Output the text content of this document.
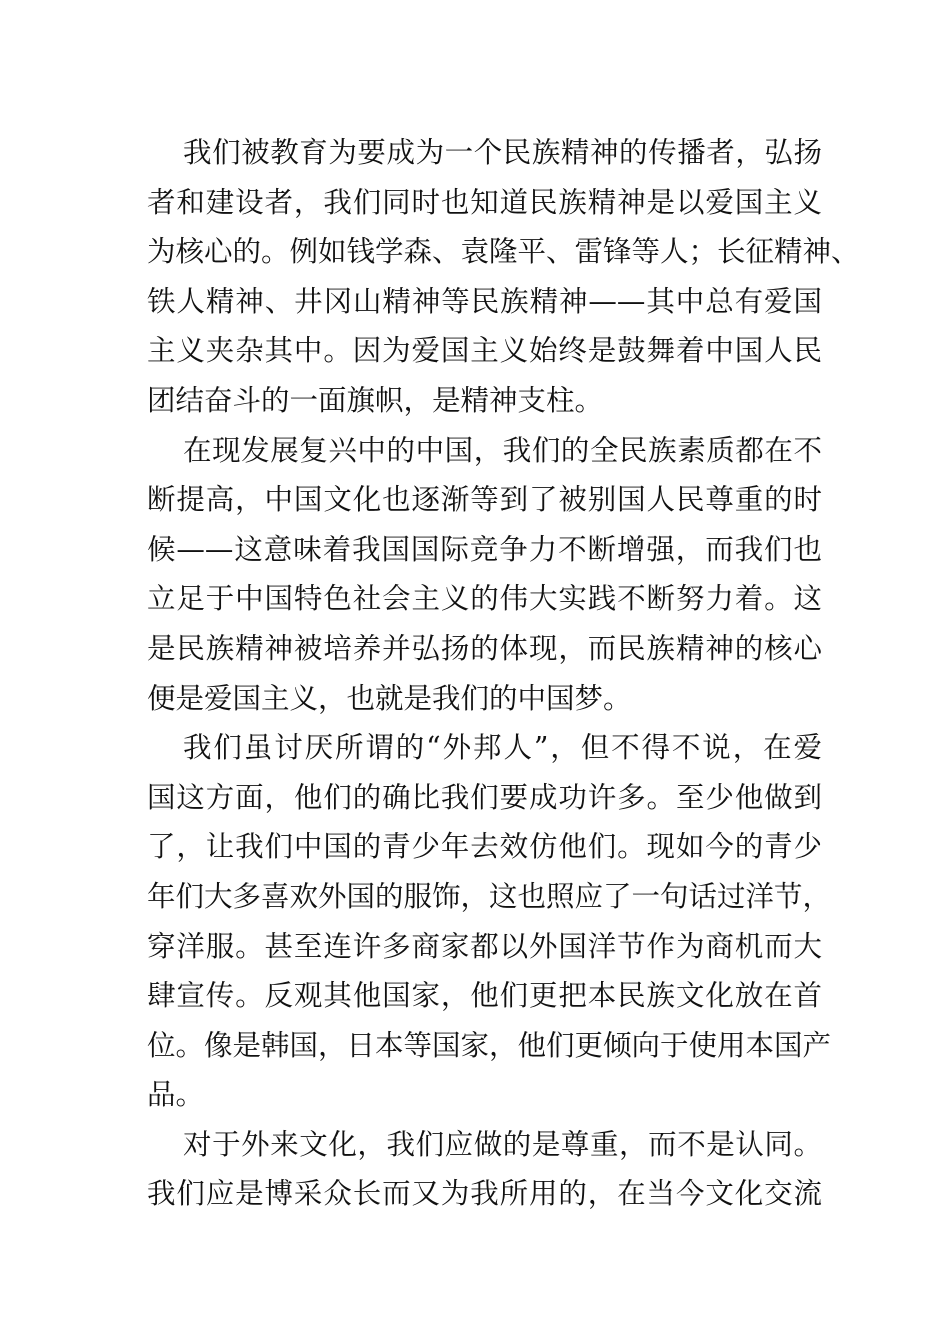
我们被教育为要成为一个民族精神的传播者，弘扬
者和建设者，我们同时也知道民族精神是以爱国主义
为核心的。例如钱学森、袁隆平、雷锋等人；长征精神、
铁人精神、井冈山精神等民族精神——其中总有爱国
主义夹杂其中。因为爱国主义始终是鼓舞着中国人民
团结奋斗的一面旗帜，是精神支柱。

在现发展复兴中的中国，我们的全民族素质都在不
断提高，中国文化也逐渐等到了被别国人民尊重的时
候——这意味着我国国际竞争力不断增强，而我们也
立足于中国特色社会主义的伟大实践不断努力着。这
是民族精神被培养并弘扬的体现，而民族精神的核心
便是爱国主义，也就是我们的中国梦。

我们虽讨厌所谓的“外邦人”，但不得不说，在爱
国这方面，他们的确比我们要成功许多。至少他做到
了，让我们中国的青少年去效仿他们。现如今的青少
年们大多喜欢外国的服饰，这也照应了一句话过洋节，
穿洋服。甚至连许多商家都以外国洋节作为商机而大
肆宣传。反观其他国家，他们更把本民族文化放在首
位。像是韩国，日本等国家，他们更倾向于使用本国产
品。

对于外来文化，我们应做的是尊重，而不是认同。
我们应是博采众长而又为我所用的，在当今文化交流
